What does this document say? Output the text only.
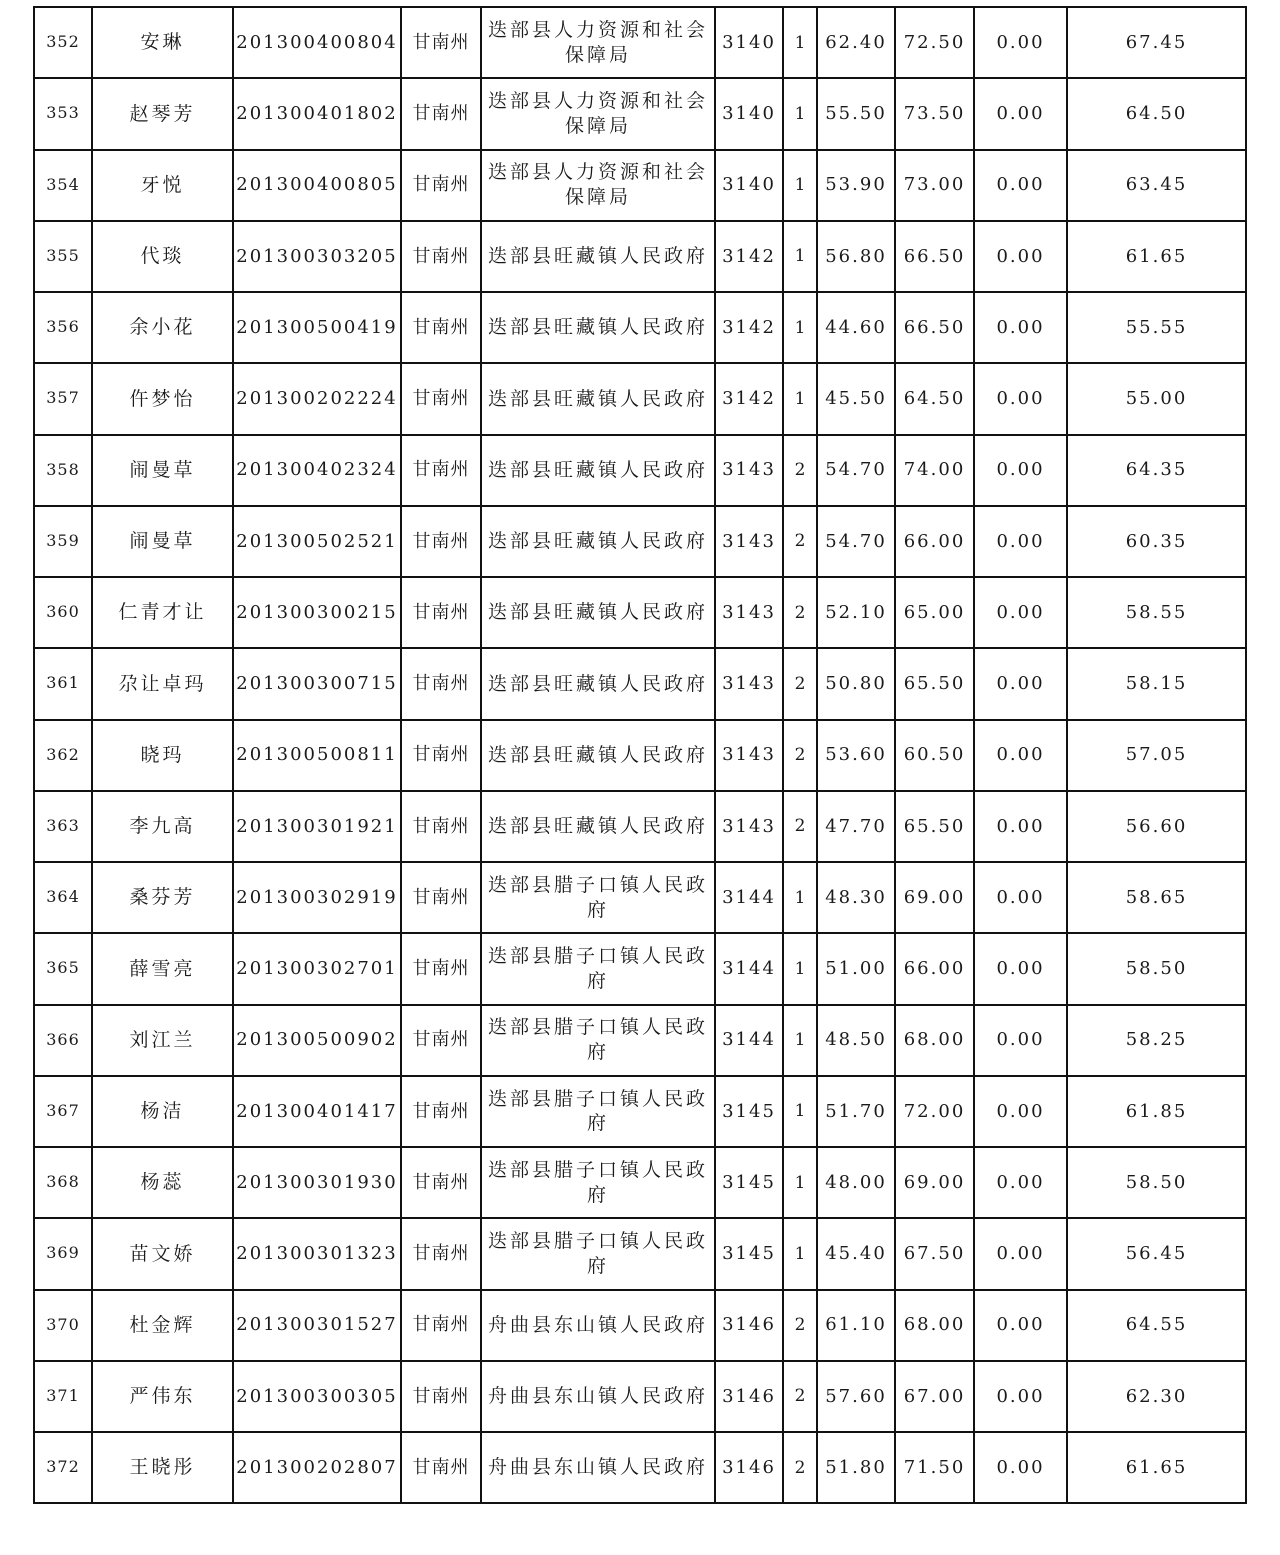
352	安琳	201300400804	甘南州	迭部县人力资源和社会保障局	3140	1	62.40	72.50	0.00	67.45
353	赵琴芳	201300401802	甘南州	迭部县人力资源和社会保障局	3140	1	55.50	73.50	0.00	64.50
354	牙悦	201300400805	甘南州	迭部县人力资源和社会保障局	3140	1	53.90	73.00	0.00	63.45
355	代琰	201300303205	甘南州	迭部县旺藏镇人民政府	3142	1	56.80	66.50	0.00	61.65
356	余小花	201300500419	甘南州	迭部县旺藏镇人民政府	3142	1	44.60	66.50	0.00	55.55
357	仵梦怡	201300202224	甘南州	迭部县旺藏镇人民政府	3142	1	45.50	64.50	0.00	55.00
358	闹曼草	201300402324	甘南州	迭部县旺藏镇人民政府	3143	2	54.70	74.00	0.00	64.35
359	闹曼草	201300502521	甘南州	迭部县旺藏镇人民政府	3143	2	54.70	66.00	0.00	60.35
360	仁青才让	201300300215	甘南州	迭部县旺藏镇人民政府	3143	2	52.10	65.00	0.00	58.55
361	尕让卓玛	201300300715	甘南州	迭部县旺藏镇人民政府	3143	2	50.80	65.50	0.00	58.15
362	晓玛	201300500811	甘南州	迭部县旺藏镇人民政府	3143	2	53.60	60.50	0.00	57.05
363	李九高	201300301921	甘南州	迭部县旺藏镇人民政府	3143	2	47.70	65.50	0.00	56.60
364	桑芬芳	201300302919	甘南州	迭部县腊子口镇人民政府	3144	1	48.30	69.00	0.00	58.65
365	薛雪亮	201300302701	甘南州	迭部县腊子口镇人民政府	3144	1	51.00	66.00	0.00	58.50
366	刘江兰	201300500902	甘南州	迭部县腊子口镇人民政府	3144	1	48.50	68.00	0.00	58.25
367	杨洁	201300401417	甘南州	迭部县腊子口镇人民政府	3145	1	51.70	72.00	0.00	61.85
368	杨蕊	201300301930	甘南州	迭部县腊子口镇人民政府	3145	1	48.00	69.00	0.00	58.50
369	苗文娇	201300301323	甘南州	迭部县腊子口镇人民政府	3145	1	45.40	67.50	0.00	56.45
370	杜金辉	201300301527	甘南州	舟曲县东山镇人民政府	3146	2	61.10	68.00	0.00	64.55
371	严伟东	201300300305	甘南州	舟曲县东山镇人民政府	3146	2	57.60	67.00	0.00	62.30
372	王晓彤	201300202807	甘南州	舟曲县东山镇人民政府	3146	2	51.80	71.50	0.00	61.65
